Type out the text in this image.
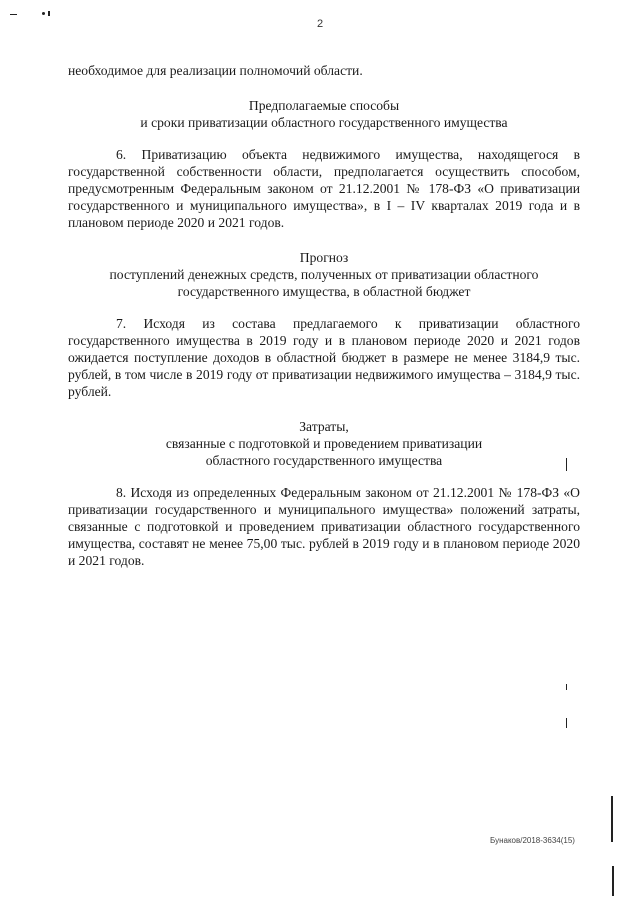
2

необходимое для реализации полномочий области.

Предполагаемые способы

и сроки приватизации областного государственного имущества

6. Приватизацию объекта недвижимого имущества, находящегося в государственной собственности области, предполагается осуществить способом, предусмотренным Федеральным законом от 21.12.2001 № 178-ФЗ «О приватизации государственного и муниципального имущества», в I – IV кварталах 2019 года и в плановом периоде 2020 и 2021 годов.

Прогноз

поступлений денежных средств, полученных от приватизации областного

государственного имущества, в областной бюджет

7. Исходя из состава предлагаемого к приватизации областного государственного имущества в 2019 году и в плановом периоде 2020 и 2021 годов ожидается поступление доходов в областной бюджет в размере не менее 3184,9 тыс. рублей, в том числе в 2019 году от приватизации недвижимого имущества – 3184,9 тыс. рублей.

Затраты,

связанные с подготовкой и проведением приватизации

областного государственного имущества

8. Исходя из определенных Федеральным законом от 21.12.2001 № 178-ФЗ «О приватизации государственного и муниципального имущества» положений затраты, связанные с подготовкой и проведением приватизации областного государственного имущества, составят не менее 75,00 тыс. рублей в 2019 году и в плановом периоде 2020 и 2021 годов.

Бунаков/2018-3634(15)
